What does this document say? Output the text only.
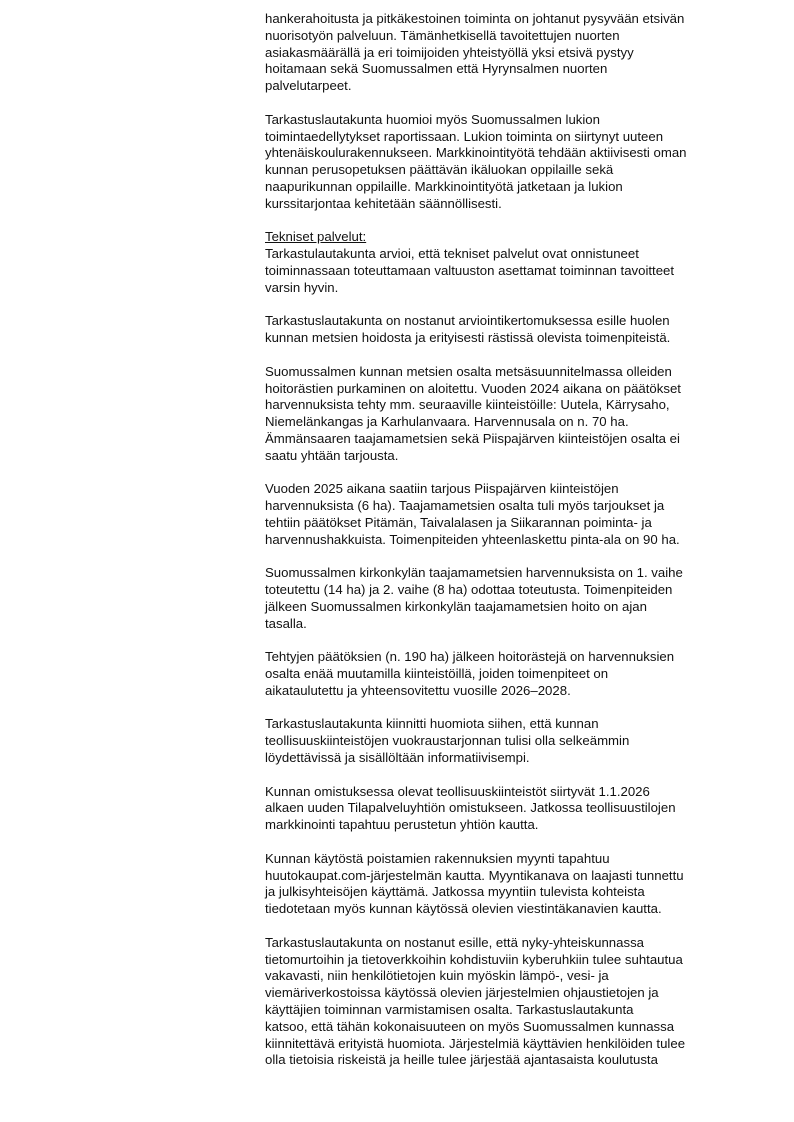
hankerahoitusta ja pitkäkestoinen toiminta on johtanut pysyvään etsivän

nuorisotyön palveluun. Tämänhetkisellä tavoitettujen nuorten

asiakasmäärällä ja eri toimijoiden yhteistyöllä yksi etsivä pystyy

hoitamaan sekä Suomussalmen että Hyrynsalmen nuorten

palvelutarpeet.

Tarkastuslautakunta huomioi myös Suomussalmen lukion

toimintaedellytykset raportissaan. Lukion toiminta on siirtynyt uuteen

yhtenäiskoulurakennukseen. Markkinointityötä tehdään aktiivisesti oman

kunnan perusopetuksen päättävän ikäluokan oppilaille sekä

naapurikunnan oppilaille. Markkinointityötä jatketaan ja lukion

kurssitarjontaa kehitetään säännöllisesti.

Tekniset palvelut:

Tarkastulautakunta arvioi, että tekniset palvelut ovat onnistuneet

toiminnassaan toteuttamaan valtuuston asettamat toiminnan tavoitteet

varsin hyvin.

Tarkastuslautakunta on nostanut arviointikertomuksessa esille huolen

kunnan metsien hoidosta ja erityisesti rästissä olevista toimenpiteistä.

Suomussalmen kunnan metsien osalta metsäsuunnitelmassa olleiden

hoitorästien purkaminen on aloitettu. Vuoden 2024 aikana on päätökset

harvennuksista tehty mm. seuraaville kiinteistöille: Uutela, Kärrysaho,

Niemelänkangas ja Karhulanvaara. Harvennusala on n. 70 ha.

Ämmänsaaren taajamametsien sekä Piispajärven kiinteistöjen osalta ei

saatu yhtään tarjousta.

Vuoden 2025 aikana saatiin tarjous Piispajärven kiinteistöjen

harvennuksista (6 ha). Taajamametsien osalta tuli myös tarjoukset ja

tehtiin päätökset Pitämän, Taivalalasen ja Siikarannan poiminta- ja

harvennushakkuista. Toimenpiteiden yhteenlaskettu pinta-ala on 90 ha.

Suomussalmen kirkonkylän taajamametsien harvennuksista on 1. vaihe

toteutettu (14 ha) ja 2. vaihe (8 ha) odottaa toteutusta. Toimenpiteiden

jälkeen Suomussalmen kirkonkylän taajamametsien hoito on ajan

tasalla.

Tehtyjen päätöksien (n. 190 ha) jälkeen hoitorästejä on harvennuksien

osalta enää muutamilla kiinteistöillä, joiden toimenpiteet on

aikataulutettu ja yhteensovitettu vuosille 2026–2028.

Tarkastuslautakunta kiinnitti huomiota siihen, että kunnan

teollisuuskiinteistöjen vuokraustarjonnan tulisi olla selkeämmin

löydettävissä ja sisällöltään informatiivisempi.

Kunnan omistuksessa olevat teollisuuskiinteistöt siirtyvät 1.1.2026

alkaen uuden Tilapalveluyhtiön omistukseen. Jatkossa teollisuustilojen

markkinointi tapahtuu perustetun yhtiön kautta.

Kunnan käytöstä poistamien rakennuksien myynti tapahtuu

huutokaupat.com-järjestelmän kautta. Myyntikanava on laajasti tunnettu

ja julkisyhteisöjen käyttämä. Jatkossa myyntiin tulevista kohteista

tiedotetaan myös kunnan käytössä olevien viestintäkanavien kautta.

Tarkastuslautakunta on nostanut esille, että nyky-yhteiskunnassa

tietomurtoihin ja tietoverkkoihin kohdistuviin kyberuhkiin tulee suhtautua

vakavasti, niin henkilötietojen kuin myöskin lämpö-, vesi- ja

viemäriverkostoissa käytössä olevien järjestelmien ohjaustietojen ja

käyttäjien toiminnan varmistamisen osalta. Tarkastuslautakunta

katsoo, että tähän kokonaisuuteen on myös Suomussalmen kunnassa

kiinnitettävä erityistä huomiota. Järjestelmiä käyttävien henkilöiden tulee

olla tietoisia riskeistä ja heille tulee järjestää ajantasaista koulutusta
